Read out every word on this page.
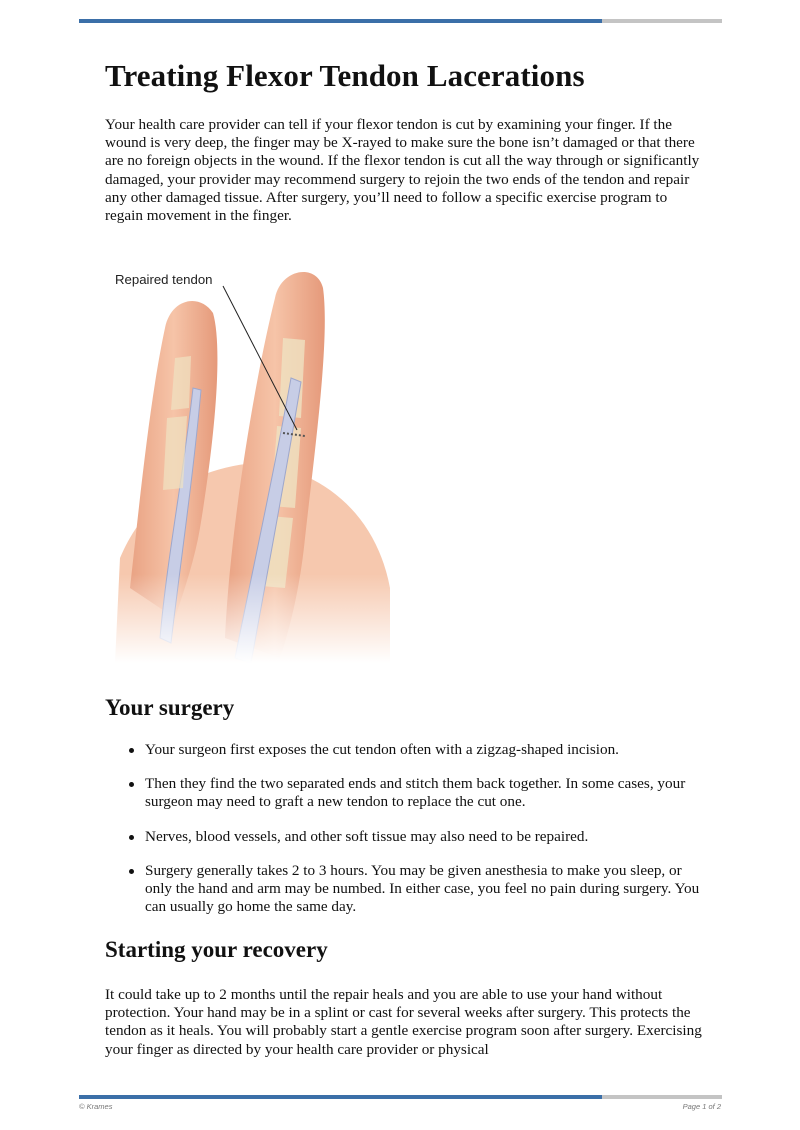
Treating Flexor Tendon Lacerations

Your health care provider can tell if your flexor tendon is cut by examining your finger. If the wound is very deep, the finger may be X-rayed to make sure the bone isn’t damaged or that there are no foreign objects in the wound. If the flexor tendon is cut all the way through or significantly damaged, your provider may recommend surgery to rejoin the two ends of the tendon and repair any other damaged tissue. After surgery, you’ll need to follow a specific exercise program to regain movement in the finger.

Repaired tendon
Your surgery
Your surgeon first exposes the cut tendon often with a zigzag-shaped incision.
Then they find the two separated ends and stitch them back together. In some cases, your surgeon may need to graft a new tendon to replace the cut one.
Nerves, blood vessels, and other soft tissue may also need to be repaired.
Surgery generally takes 2 to 3 hours. You may be given anesthesia to make you sleep, or only the hand and arm may be numbed. In either case, you feel no pain during surgery. You can usually go home the same day.
Starting your recovery

It could take up to 2 months until the repair heals and you are able to use your hand without protection. Your hand may be in a splint or cast for several weeks after surgery. This protects the tendon as it heals. You will probably start a gentle exercise program soon after surgery. Exercising your finger as directed by your health care provider or physical

© Krames	Page 1 of 2
